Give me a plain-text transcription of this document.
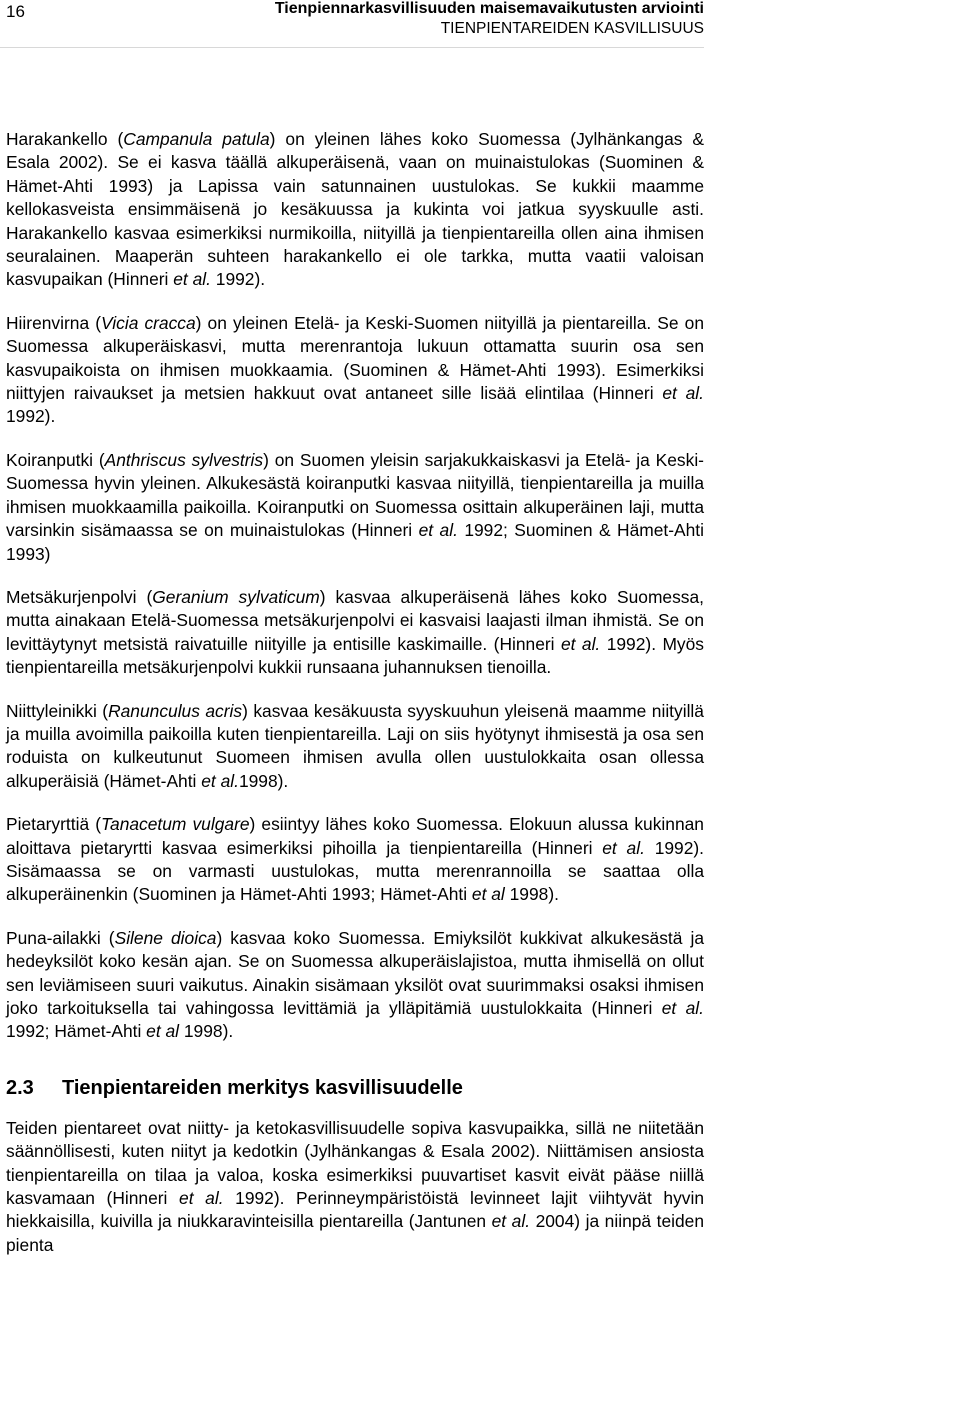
16	Tienpiennarkasvillisuuden maisemavaikutusten arviointi
TIENPIENTAREIDEN KASVILLISUUS

Harakankello (Campanula patula) on yleinen lähes koko Suomessa (Jylhänkangas & Esala 2002). Se ei kasva täällä alkuperäisenä, vaan on muinaistulokas (Suominen & Hämet-Ahti 1993) ja Lapissa vain satunnainen uustulokas. Se kukkii maamme kellokasveista ensimmäisenä jo kesäkuussa ja kukinta voi jatkua syyskuulle asti. Harakankello kasvaa esimerkiksi nurmikoilla, niityillä ja tienpientareilla ollen aina ihmisen seuralainen. Maaperän suhteen harakankello ei ole tarkka, mutta vaatii valoisan kasvupaikan (Hinneri et al. 1992).

Hiirenvirna (Vicia cracca) on yleinen Etelä- ja Keski-Suomen niityillä ja pientareilla. Se on Suomessa alkuperäiskasvi, mutta merenrantoja lukuun ottamatta suurin osa sen kasvupaikoista on ihmisen muokkaamia. (Suominen & Hämet-Ahti 1993). Esimerkiksi niittyjen raivaukset ja metsien hakkuut ovat antaneet sille lisää elintilaa (Hinneri et al. 1992).

Koiranputki (Anthriscus sylvestris) on Suomen yleisin sarjakukkaiskasvi ja Etelä- ja Keski-Suomessa hyvin yleinen. Alkukesästä koiranputki kasvaa niityillä, tienpientareilla ja muilla ihmisen muokkaamilla paikoilla. Koiranputki on Suomessa osittain alkuperäinen laji, mutta varsinkin sisämaassa se on muinaistulokas (Hinneri et al. 1992; Suominen & Hämet-Ahti 1993)

Metsäkurjenpolvi (Geranium sylvaticum) kasvaa alkuperäisenä lähes koko Suomessa, mutta ainakaan Etelä-Suomessa metsäkurjenpolvi ei kasvaisi laajasti ilman ihmistä. Se on levittäytynyt metsistä raivatuille niityille ja entisille kaskimaille. (Hinneri et al. 1992). Myös tienpientareilla metsäkurjenpolvi kukkii runsaana juhannuksen tienoilla.

Niittyleinikki (Ranunculus acris) kasvaa kesäkuusta syyskuuhun yleisenä maamme niityillä ja muilla avoimilla paikoilla kuten tienpientareilla. Laji on siis hyötynyt ihmisestä ja osa sen roduista on kulkeutunut Suomeen ihmisen avulla ollen uustulokkaita osan ollessa alkuperäisiä (Hämet-Ahti et al.1998).

Pietaryrttiä (Tanacetum vulgare) esiintyy lähes koko Suomessa. Elokuun alussa kukinnan aloittava pietaryrtti kasvaa esimerkiksi pihoilla ja tienpientareilla (Hinneri et al. 1992). Sisämaassa se on varmasti uustulokas, mutta merenrannoilla se saattaa olla alkuperäinenkin (Suominen ja Hämet-Ahti 1993; Hämet-Ahti et al 1998).

Puna-ailakki (Silene dioica) kasvaa koko Suomessa. Emiyksilöt kukkivat alkukesästä ja hedeyksilöt koko kesän ajan. Se on Suomessa alkuperäislajistoa, mutta ihmisellä on ollut sen leviämiseen suuri vaikutus. Ainakin sisämaan yksilöt ovat suurimmaksi osaksi ihmisen joko tarkoituksella tai vahingossa levittämiä ja ylläpitämiä uustulokkaita (Hinneri et al. 1992; Hämet-Ahti et al 1998).

2.3 Tienpientareiden merkitys kasvillisuudelle

Teiden pientareet ovat niitty- ja ketokasvillisuudelle sopiva kasvupaikka, sillä ne niitetään säännöllisesti, kuten niityt ja kedotkin (Jylhänkangas & Esala 2002). Niittämisen ansiosta tienpientareilla on tilaa ja valoa, koska esimerkiksi puuvartiset kasvit eivät pääse niillä kasvamaan (Hinneri et al. 1992). Perinneympäristöistä levinneet lajit viihtyvät hyvin hiekkaisilla, kuivilla ja niukkaravinteisilla pientareilla (Jantunen et al. 2004) ja niinpä teiden pienta
